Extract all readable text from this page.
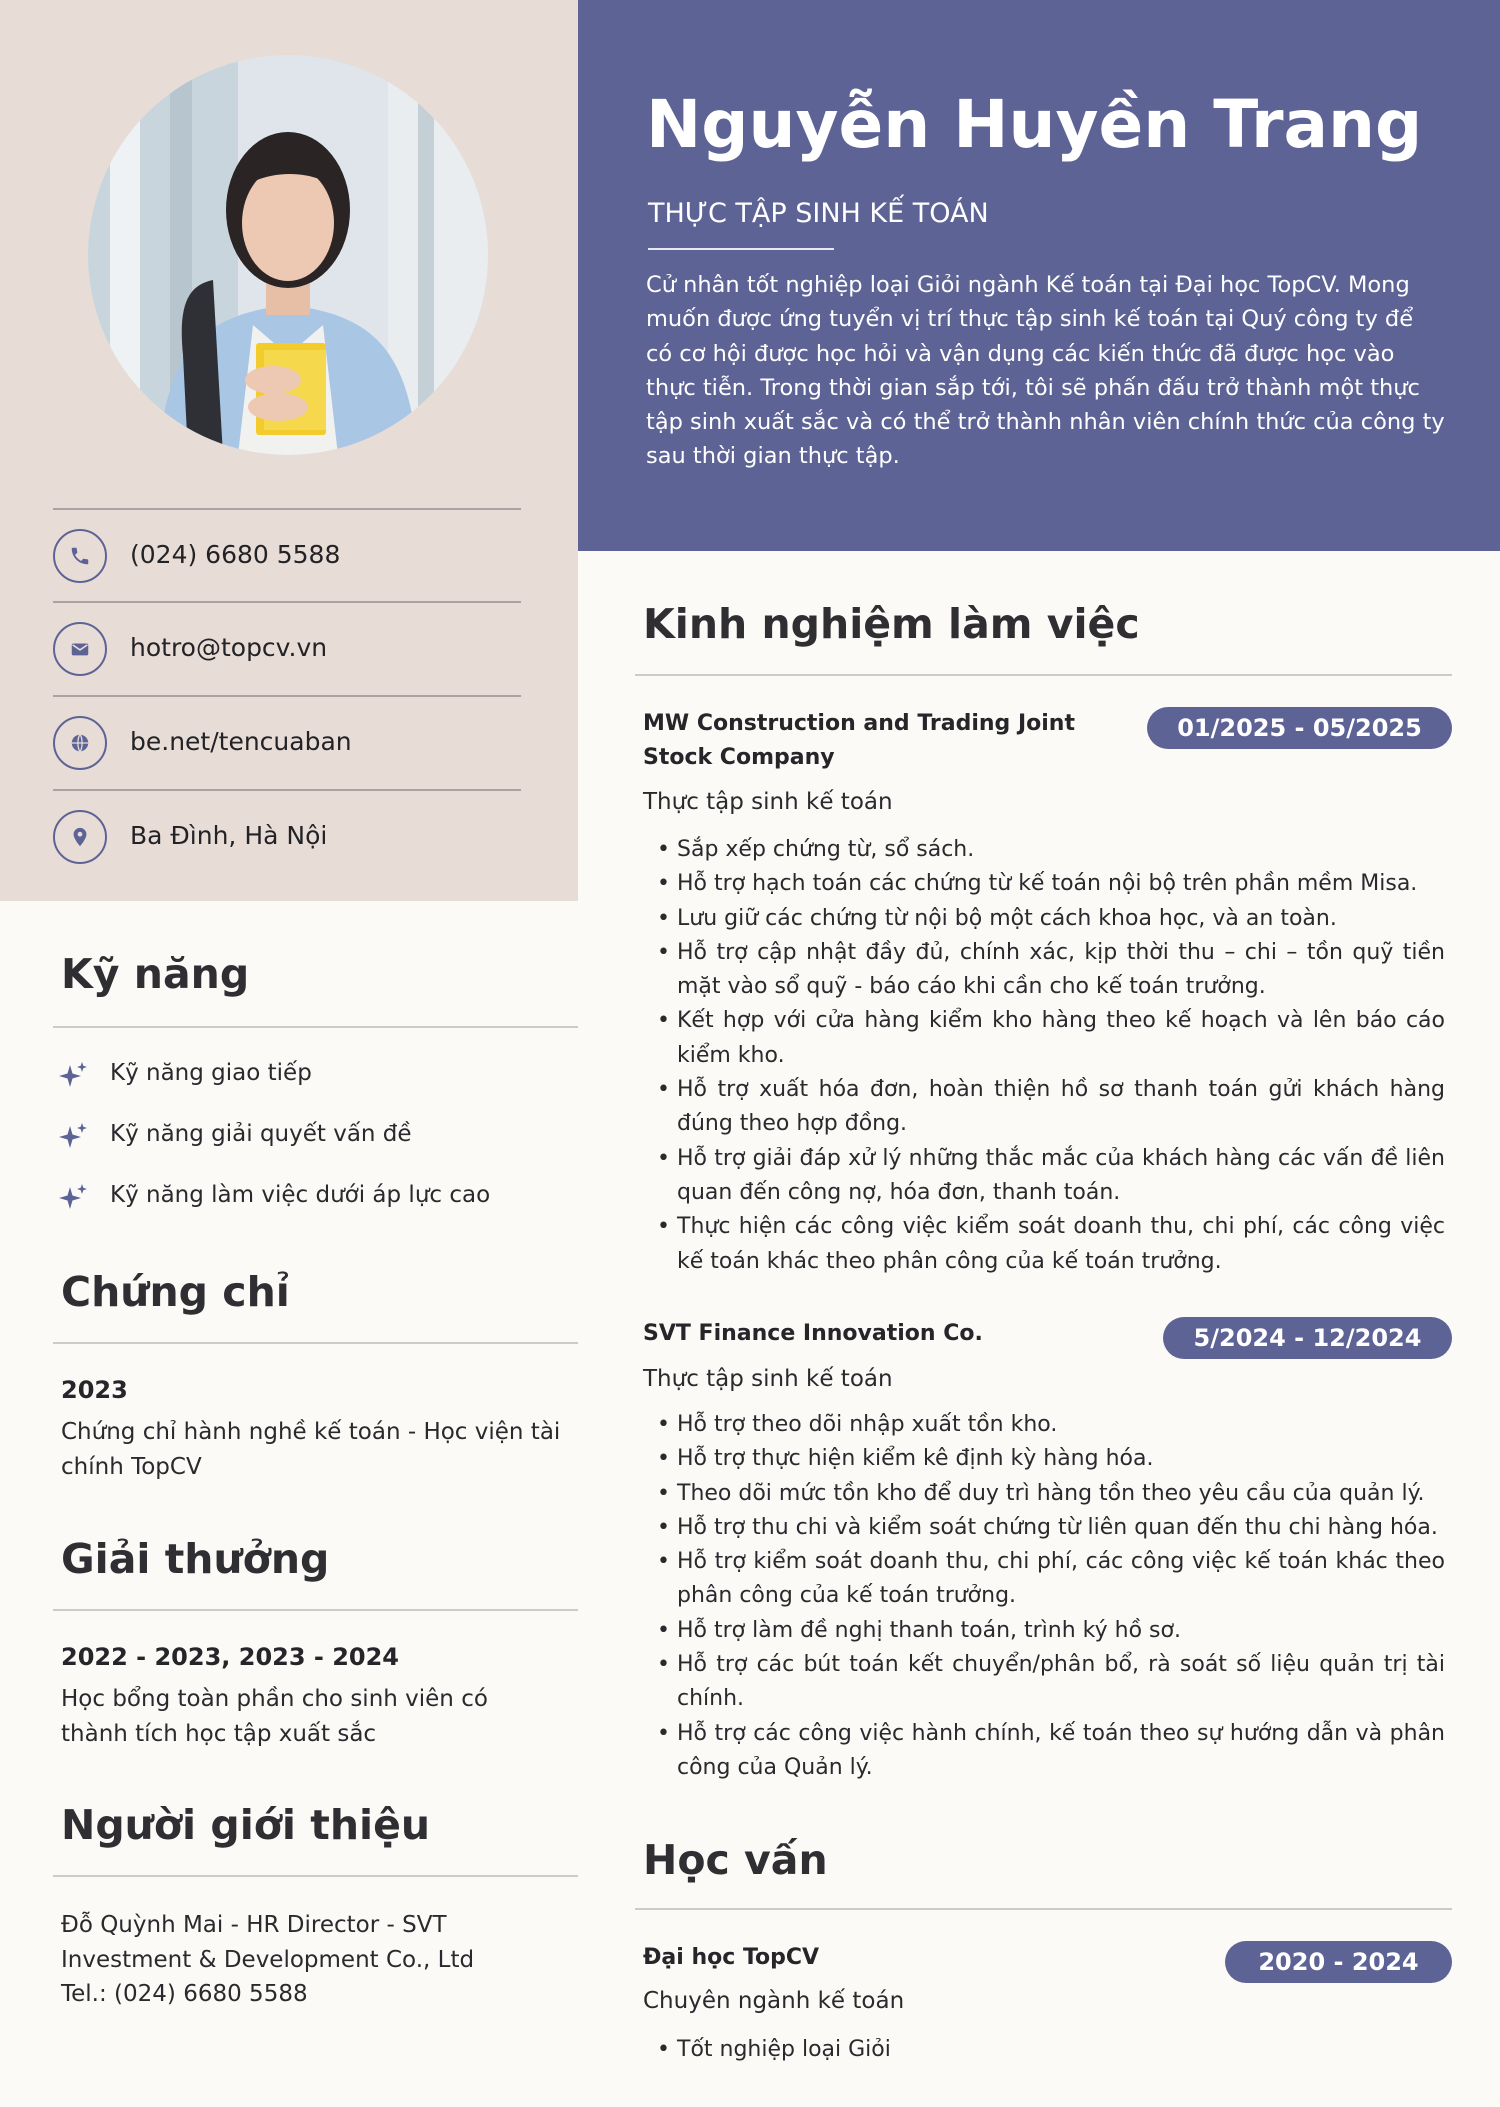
Nguyễn Huyền Trang
THỰC TẬP SINH KẾ TOÁN
Cử nhân tốt nghiệp loại Giỏi ngành Kế toán tại Đại học TopCV. Mong muốn được ứng tuyển vị trí thực tập sinh kế toán tại Quý công ty để có cơ hội được học hỏi và vận dụng các kiến thức đã được học vào thực tiễn. Trong thời gian sắp tới, tôi sẽ phấn đấu trở thành một thực tập sinh xuất sắc và có thể trở thành nhân viên chính thức của công ty sau thời gian thực tập.
(024) 6680 5588
hotro@topcv.vn
be.net/tencuaban
Ba Đình, Hà Nội
Kỹ năng
Kỹ năng giao tiếp
Kỹ năng giải quyết vấn đề
Kỹ năng làm việc dưới áp lực cao
Chứng chỉ
2023
Chứng chỉ hành nghề kế toán - Học viện tài chính TopCV
Giải thưởng
2022 - 2023, 2023 - 2024
Học bổng toàn phần cho sinh viên có thành tích học tập xuất sắc
Người giới thiệu
Đỗ Quỳnh Mai - HR Director - SVT Investment & Development Co., Ltd
Tel.: (024) 6680 5588
Kinh nghiệm làm việc
MW Construction and Trading Joint Stock Company
01/2025 - 05/2025
Thực tập sinh kế toán
• Sắp xếp chứng từ, sổ sách.
• Hỗ trợ hạch toán các chứng từ kế toán nội bộ trên phần mềm Misa.
• Lưu giữ các chứng từ nội bộ một cách khoa học, và an toàn.
• Hỗ trợ cập nhật đầy đủ, chính xác, kịp thời thu – chi – tồn quỹ tiền mặt vào sổ quỹ - báo cáo khi cần cho kế toán trưởng.
• Kết hợp với cửa hàng kiểm kho hàng theo kế hoạch và lên báo cáo kiểm kho.
• Hỗ trợ xuất hóa đơn, hoàn thiện hồ sơ thanh toán gửi khách hàng đúng theo hợp đồng.
• Hỗ trợ giải đáp xử lý những thắc mắc của khách hàng các vấn đề liên quan đến công nợ, hóa đơn, thanh toán.
• Thực hiện các công việc kiểm soát doanh thu, chi phí, các công việc kế toán khác theo phân công của kế toán trưởng.
SVT Finance Innovation Co.	5/2024 - 12/2024
Thực tập sinh kế toán
• Hỗ trợ theo dõi nhập xuất tồn kho.
• Hỗ trợ thực hiện kiểm kê định kỳ hàng hóa.
• Theo dõi mức tồn kho để duy trì hàng tồn theo yêu cầu của quản lý.
• Hỗ trợ thu chi và kiểm soát chứng từ liên quan đến thu chi hàng hóa.
• Hỗ trợ kiểm soát doanh thu, chi phí, các công việc kế toán khác theo phân công của kế toán trưởng.
• Hỗ trợ làm đề nghị thanh toán, trình ký hồ sơ.
• Hỗ trợ các bút toán kết chuyển/phân bổ, rà soát số liệu quản trị tài chính.
• Hỗ trợ các công việc hành chính, kế toán theo sự hướng dẫn và phân công của Quản lý.
Học vấn
Đại học TopCV	2020 - 2024
Chuyên ngành kế toán
• Tốt nghiệp loại Giỏi
